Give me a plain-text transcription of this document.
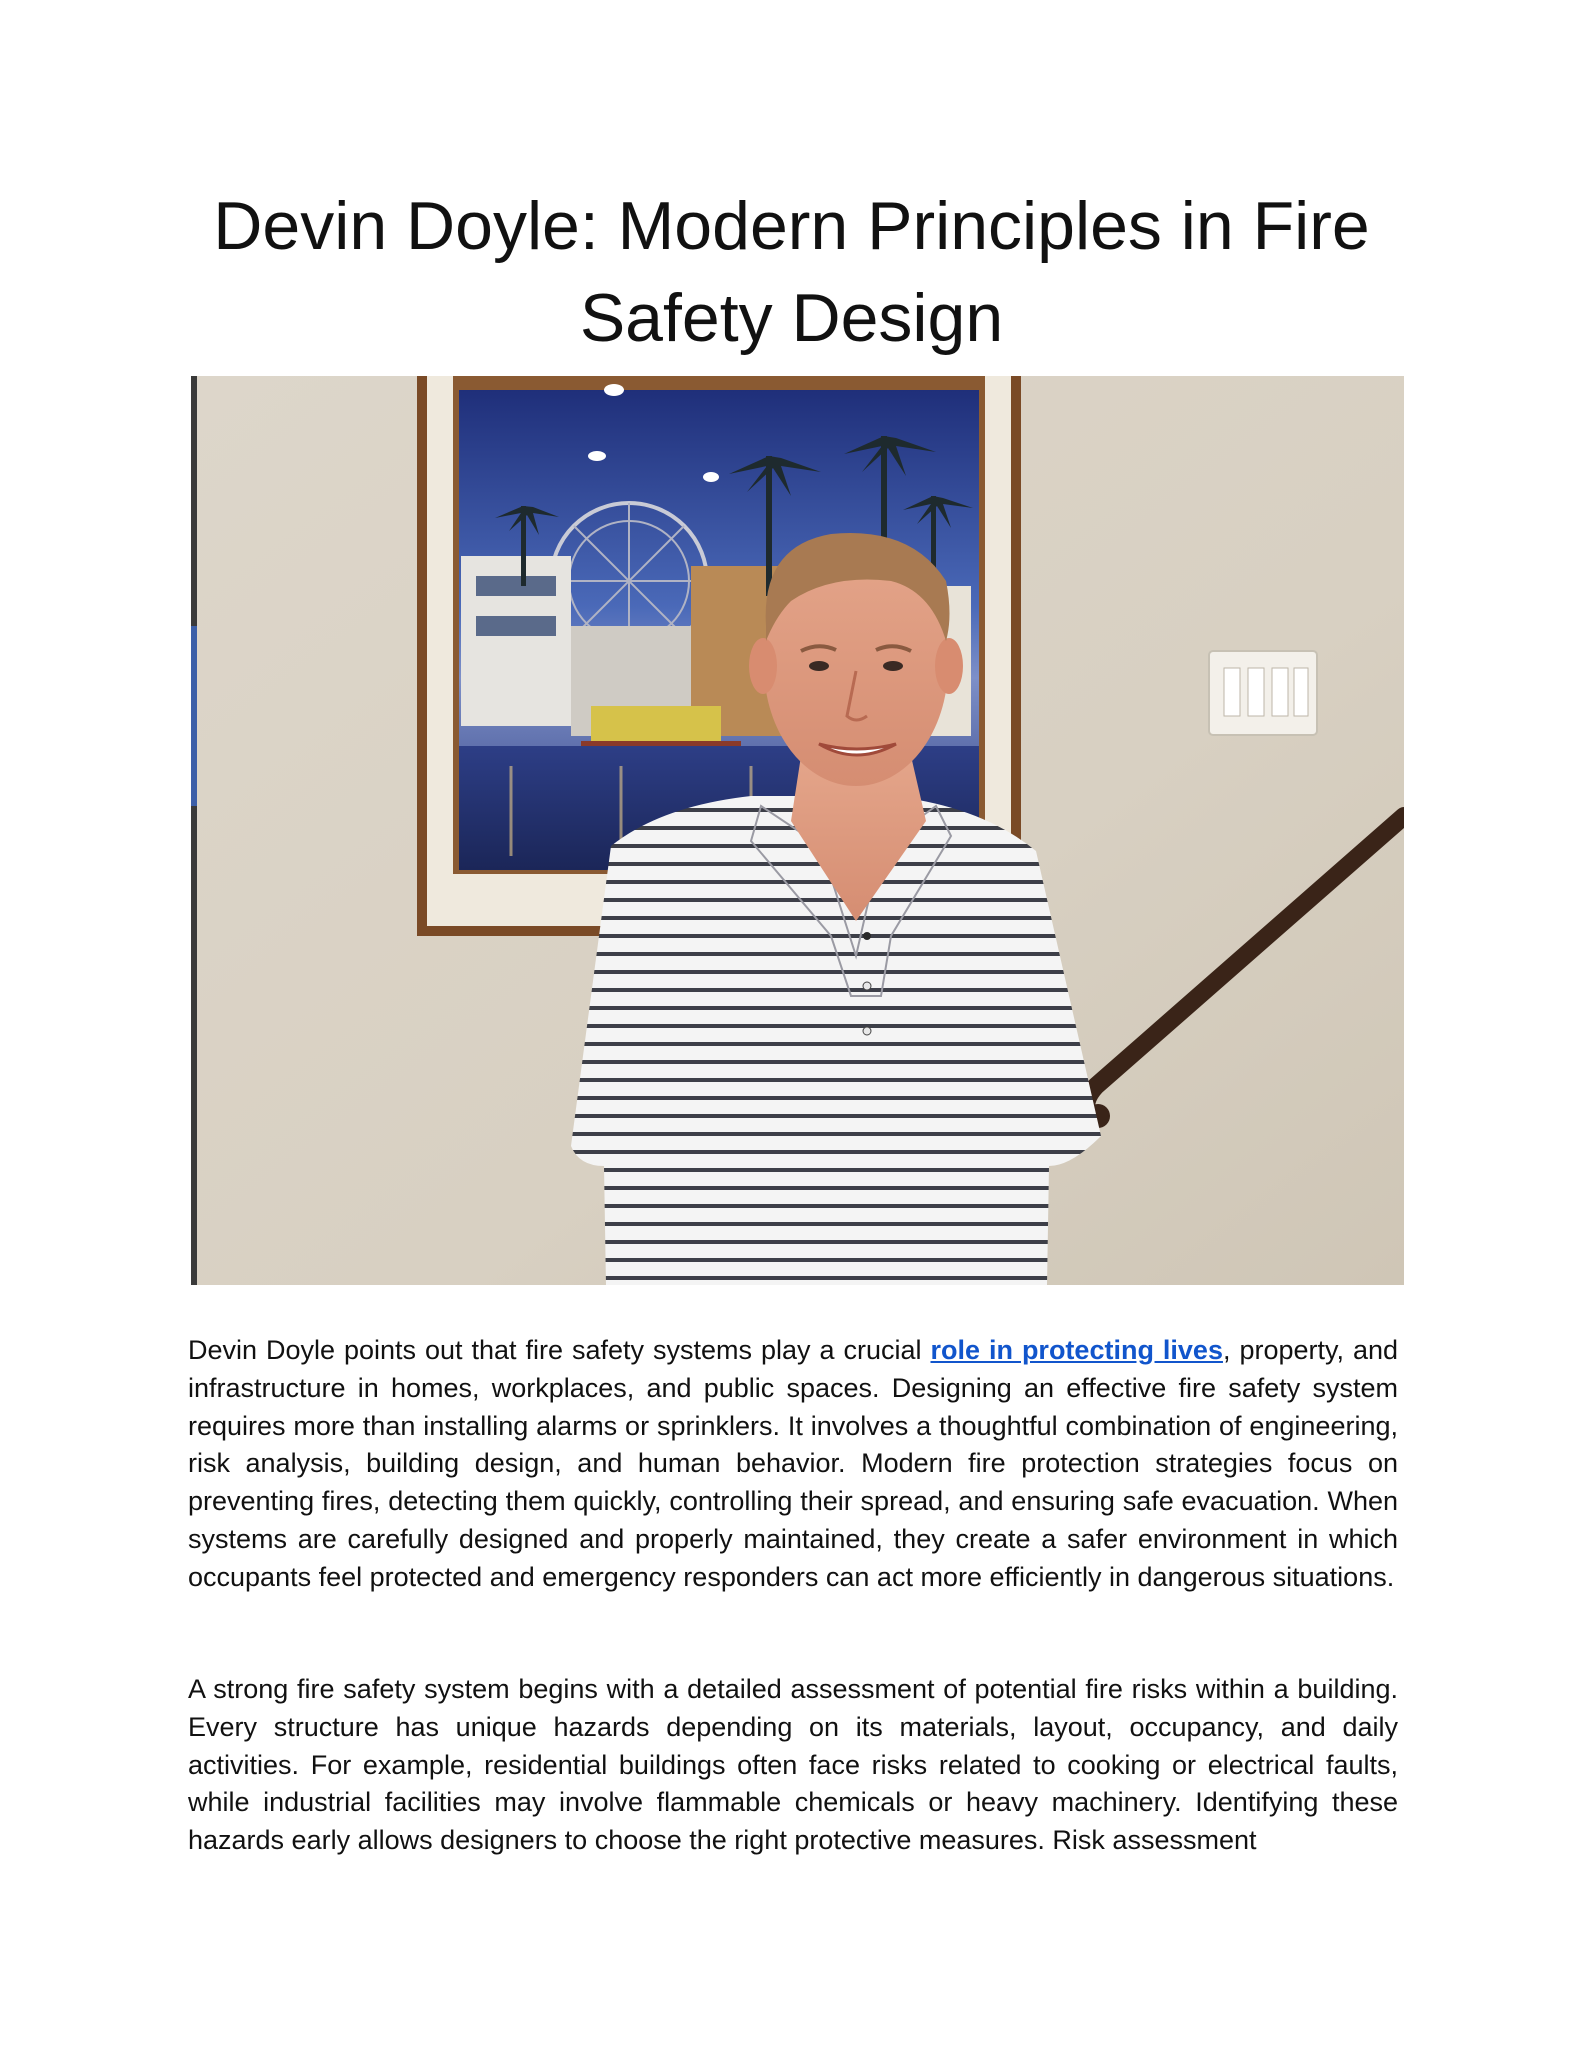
Devin Doyle: Modern Principles in Fire Safety Design

Devin Doyle points out that fire safety systems play a crucial role in protecting lives, property, and infrastructure in homes, workplaces, and public spaces. Designing an effective fire safety system requires more than installing alarms or sprinklers. It involves a thoughtful combination of engineering, risk analysis, building design, and human behavior. Modern fire protection strategies focus on preventing fires, detecting them quickly, controlling their spread, and ensuring safe evacuation. When systems are carefully designed and properly maintained, they create a safer environment in which occupants feel protected and emergency responders can act more efficiently in dangerous situations.

A strong fire safety system begins with a detailed assessment of potential fire risks within a building. Every structure has unique hazards depending on its materials, layout, occupancy, and daily activities. For example, residential buildings often face risks related to cooking or electrical faults, while industrial facilities may involve flammable chemicals or heavy machinery. Identifying these hazards early allows designers to choose the right protective measures. Risk assessment
